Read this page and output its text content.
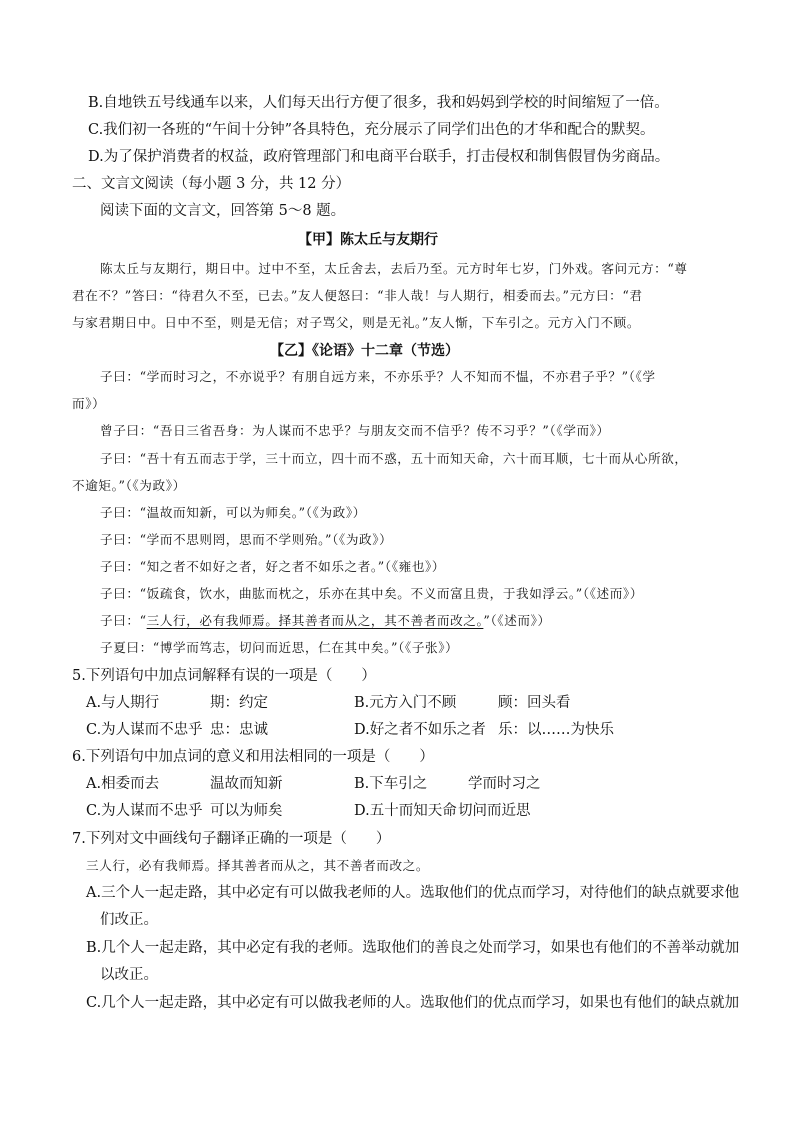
B.自地铁五号线通车以来，人们每天出行方便了很多，我和妈妈到学校的时间缩短了一倍。
C.我们初一各班的“午间十分钟”各具特色，充分展示了同学们出色的才华和配合的默契。
D.为了保护消费者的权益，政府管理部门和电商平台联手，打击侵权和制售假冒伪劣商品。
二、文言文阅读（每小题 3 分，共 12 分）
阅读下面的文言文，回答第 5～8 题。
【甲】陈太丘与友期行
陈太丘与友期行，期日中。过中不至，太丘舍去，去后乃至。元方时年七岁，门外戏。客问元方：“尊
君在不？”答曰：“待君久不至，已去。”友人便怒曰：“非人哉！与人期行，相委而去。”元方曰：“君
与家君期日中。日中不至，则是无信；对子骂父，则是无礼。”友人惭，下车引之。元方入门不顾。
【乙】《论语》十二章（节选）
子曰：“学而时习之，不亦说乎？有朋自远方来，不亦乐乎？人不知而不愠，不亦君子乎？”（《学
而》）
曾子曰：“吾日三省吾身：为人谋而不忠乎？与朋友交而不信乎？传不习乎？”（《学而》）
子曰：“吾十有五而志于学，三十而立，四十而不惑，五十而知天命，六十而耳顺，七十而从心所欲，
不逾矩。”（《为政》）
子曰：“温故而知新，可以为师矣。”（《为政》）
子曰：“学而不思则罔，思而不学则殆。”（《为政》）
子曰：“知之者不如好之者，好之者不如乐之者。”（《雍也》）
子曰：“饭疏食，饮水，曲肱而枕之，乐亦在其中矣。不义而富且贵，于我如浮云。”（《述而》）
子曰：“三人行，必有我师焉。择其善者而从之，其不善者而改之。”（《述而》）
子夏曰：“博学而笃志，切问而近思，仁在其中矣。”（《子张》）
5.下列语句中加点词解释有误的一项是（　　）
A.与人期行	期：约定	B.元方入门不顾	顾：回头看
C.为人谋而不忠乎 忠：忠诚	D.好之者不如乐之者 乐：以……为快乐
6.下列语句中加点词的意义和用法相同的一项是（　　）
A.相委而去	温故而知新	B.下车引之	学而时习之
C.为人谋而不忠乎 可以为师矣	D.五十而知天命 切问而近思
7.下列对文中画线句子翻译正确的一项是（　　）
三人行，必有我师焉。择其善者而从之，其不善者而改之。
A.三个人一起走路，其中必定有可以做我老师的人。选取他们的优点而学习，对待他们的缺点就要求他
们改正。
B.几个人一起走路，其中必定有我的老师。选取他们的善良之处而学习，如果也有他们的不善举动就加
以改正。
C.几个人一起走路，其中必定有可以做我老师的人。选取他们的优点而学习，如果也有他们的缺点就加
